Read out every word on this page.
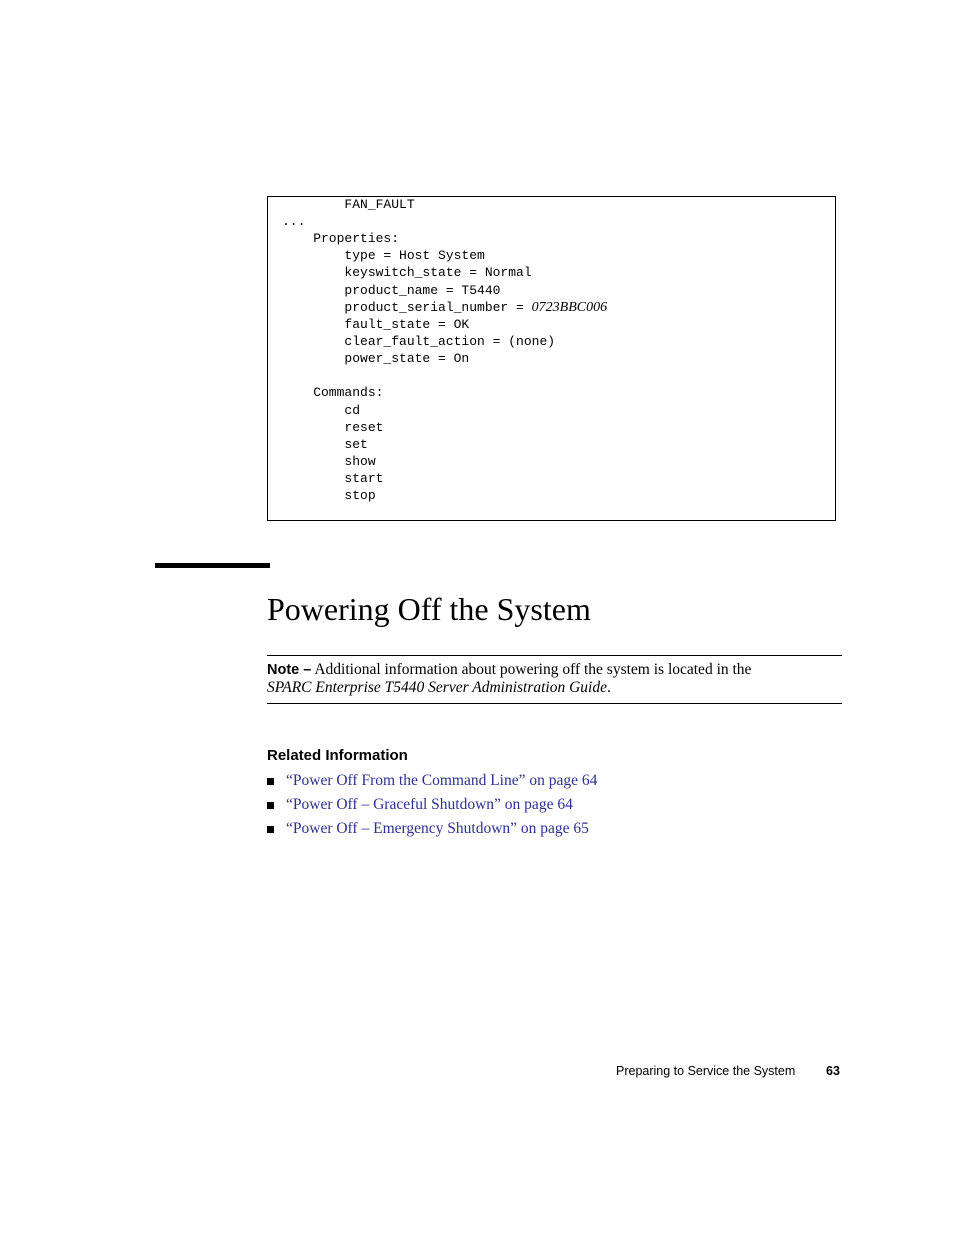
FAN_FAULT
...
Properties:
type = Host System
keyswitch_state = Normal
product_name = T5440
product_serial_number = 0723BBC006
fault_state = OK
clear_fault_action = (none)
power_state = On
Commands:
cd
reset
set
show
start
stop
Powering Off the System
Note – Additional information about powering off the system is located in the
SPARC Enterprise T5440 Server Administration Guide.
Related Information
“Power Off From the Command Line” on page 64
“Power Off – Graceful Shutdown” on page 64
“Power Off – Emergency Shutdown” on page 65
Preparing to Service the System 63
